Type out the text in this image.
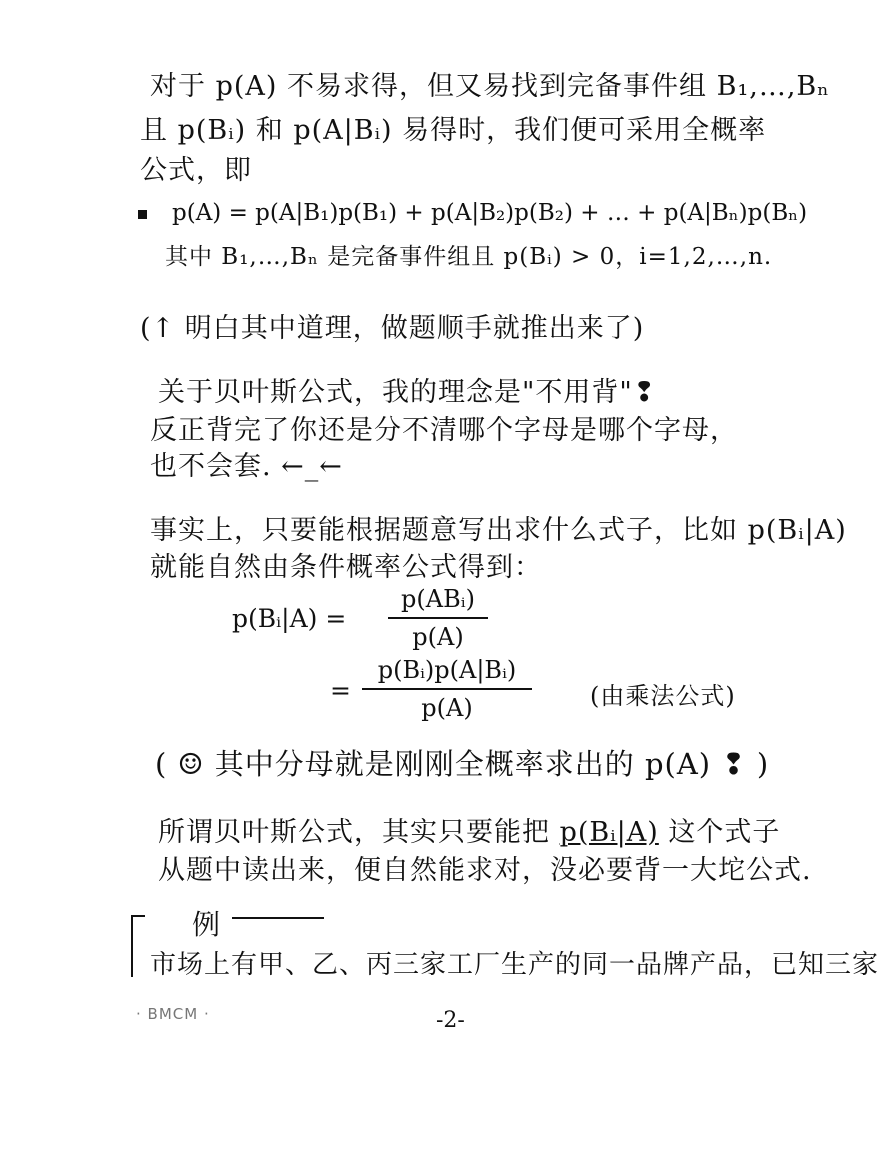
对于 p(A) 不易求得，但又易找到完备事件组 B₁,…,Bₙ
且 p(Bᵢ) 和 p(A|Bᵢ) 易得时，我们便可采用全概率
公式，即
p(A) = p(A|B₁)p(B₁) + p(A|B₂)p(B₂) + … + p(A|Bₙ)p(Bₙ)
其中 B₁,…,Bₙ 是完备事件组且 p(Bᵢ) > 0，i=1,2,…,n.
(↑ 明白其中道理，做题顺手就推出来了)
关于贝叶斯公式，我的理念是"不用背"❢
反正背完了你还是分不清哪个字母是哪个字母，
也不会套. ←_←
事实上，只要能根据题意写出求什么式子，比如 p(Bᵢ|A)
就能自然由条件概率公式得到：
p(Bᵢ|A) =
p(ABᵢ)
p(A)
=
p(Bᵢ)p(A|Bᵢ)
p(A)	(由乘法公式)
( ☺ 其中分母就是刚刚全概率求出的 p(A) ❢ )
所谓贝叶斯公式，其实只要能把 p(Bᵢ|A) 这个式子
从题中读出来，便自然能求对，没必要背一大坨公式.
例
市场上有甲、乙、丙三家工厂生产的同一品牌产品，已知三家
· BMCM ·	-2-
